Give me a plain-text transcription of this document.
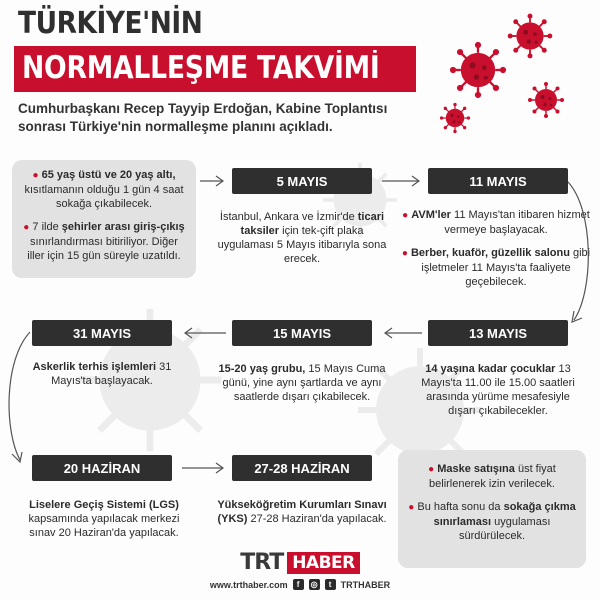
TÜRKİYE'NİN
NORMALLEŞME TAKVİMİ
Cumhurbaşkanı Recep Tayyip Erdoğan, Kabine Toplantısı sonrası Türkiye'nin normalleşme planını açıkladı.
● 65 yaş üstü ve 20 yaş altı, kısıtlamanın olduğu 1 gün 4 saat sokağa çıkabilecek.
● 7 ilde şehirler arası giriş-çıkış sınırlandırması bitiriliyor. Diğer iller için 15 gün süreyle uzatıldı.
5 MAYIS
İstanbul, Ankara ve İzmir'de ticari taksiler için tek-çift plaka uygulaması 5 Mayıs itibarıyla sona erecek.
11 MAYIS
● AVM'ler 11 Mayıs'tan itibaren hizmet vermeye başlayacak.
● Berber, kuaför, güzellik salonu gibi işletmeler 11 Mayıs'ta faaliyete geçebilecek.
31 MAYIS	15 MAYIS	13 MAYIS
Askerlik terhis işlemleri 31 Mayıs'ta başlayacak.
15-20 yaş grubu, 15 Mayıs Cuma günü, yine aynı şartlarda ve aynı saatlerde dışarı çıkabilecek.
14 yaşına kadar çocuklar 13 Mayıs'ta 11.00 ile 15.00 saatleri arasında yürüme mesafesiyle dışarı çıkabilecekler.
20 HAZİRAN	27-28 HAZİRAN
Liselere Geçiş Sistemi (LGS) kapsamında yapılacak merkezi sınav 20 Haziran'da yapılacak.
Yükseköğretim Kurumları Sınavı
(YKS) 27-28 Haziran'da yapılacak.
● Maske satışına üst fiyat belirlenerek izin verilecek.
● Bu hafta sonu da sokağa çıkma sınırlaması uygulaması sürdürülecek.
TRT HABER
www.trthaber.com	f	◎	t	TRTHABER
